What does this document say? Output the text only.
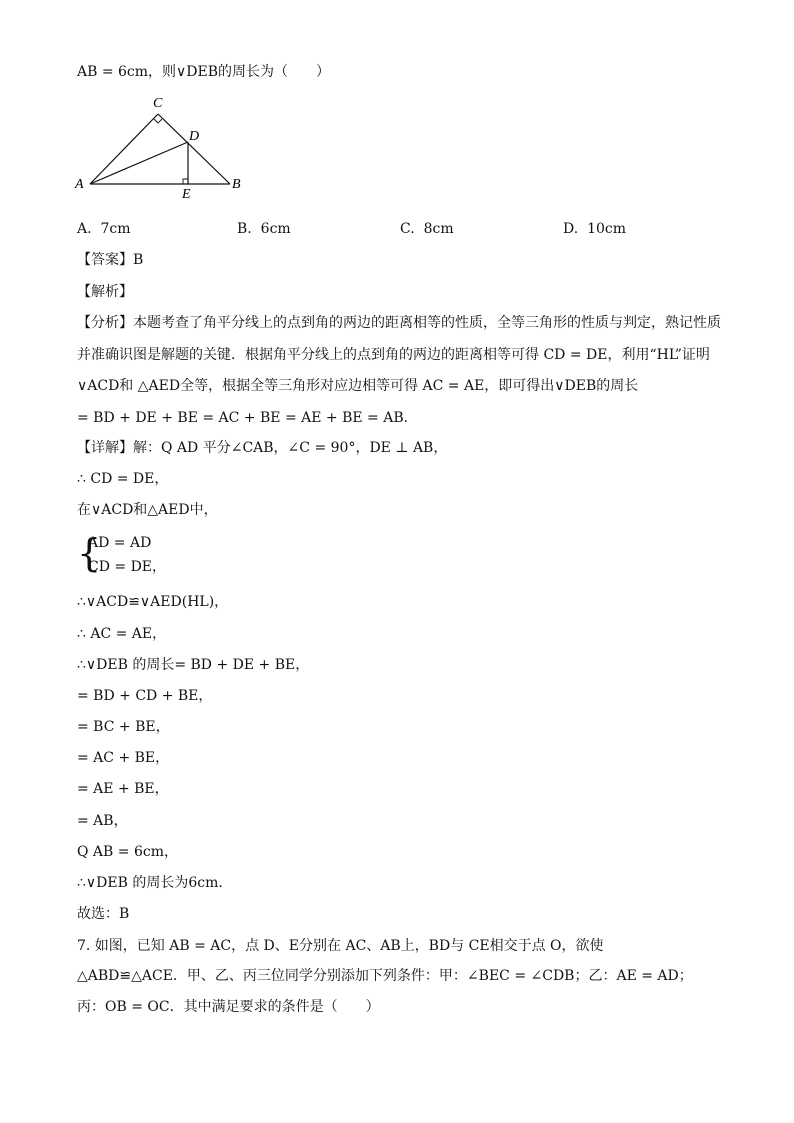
AB = 6cm，则∨DEB的周长为（　　）
C
D
A	B
E
A. 7cm	B. 6cm	C. 8cm	D. 10cm
【答案】B
【解析】
【分析】本题考查了角平分线上的点到角的两边的距离相等的性质，全等三角形的性质与判定，熟记性质
并准确识图是解题的关键．根据角平分线上的点到角的两边的距离相等可得 CD = DE，利用“HL”证明
∨ACD和 △AED全等，根据全等三角形对应边相等可得 AC = AE，即可得出∨DEB的周长
= BD + DE + BE = AC + BE = AE + BE = AB．
【详解】解：Q AD 平分∠CAB，∠C = 90°，DE ⊥ AB，
∴ CD = DE，
在∨ACD和△AED中，
{
AD = AD
CD = DE，
∴∨ACD≌∨AED(HL)，
∴ AC = AE，
∴∨DEB 的周长= BD + DE + BE，
= BD + CD + BE，
= BC + BE，
= AC + BE，
= AE + BE，
= AB，
Q AB = 6cm，
∴∨DEB 的周长为6cm．
故选：B
7. 如图，已知 AB = AC，点 D、E分别在 AC、AB上，BD与 CE相交于点 O，欲使
△ABD≌△ACE．甲、乙、丙三位同学分别添加下列条件：甲：∠BEC = ∠CDB；乙：AE = AD；
丙：OB = OC．其中满足要求的条件是（　　）
